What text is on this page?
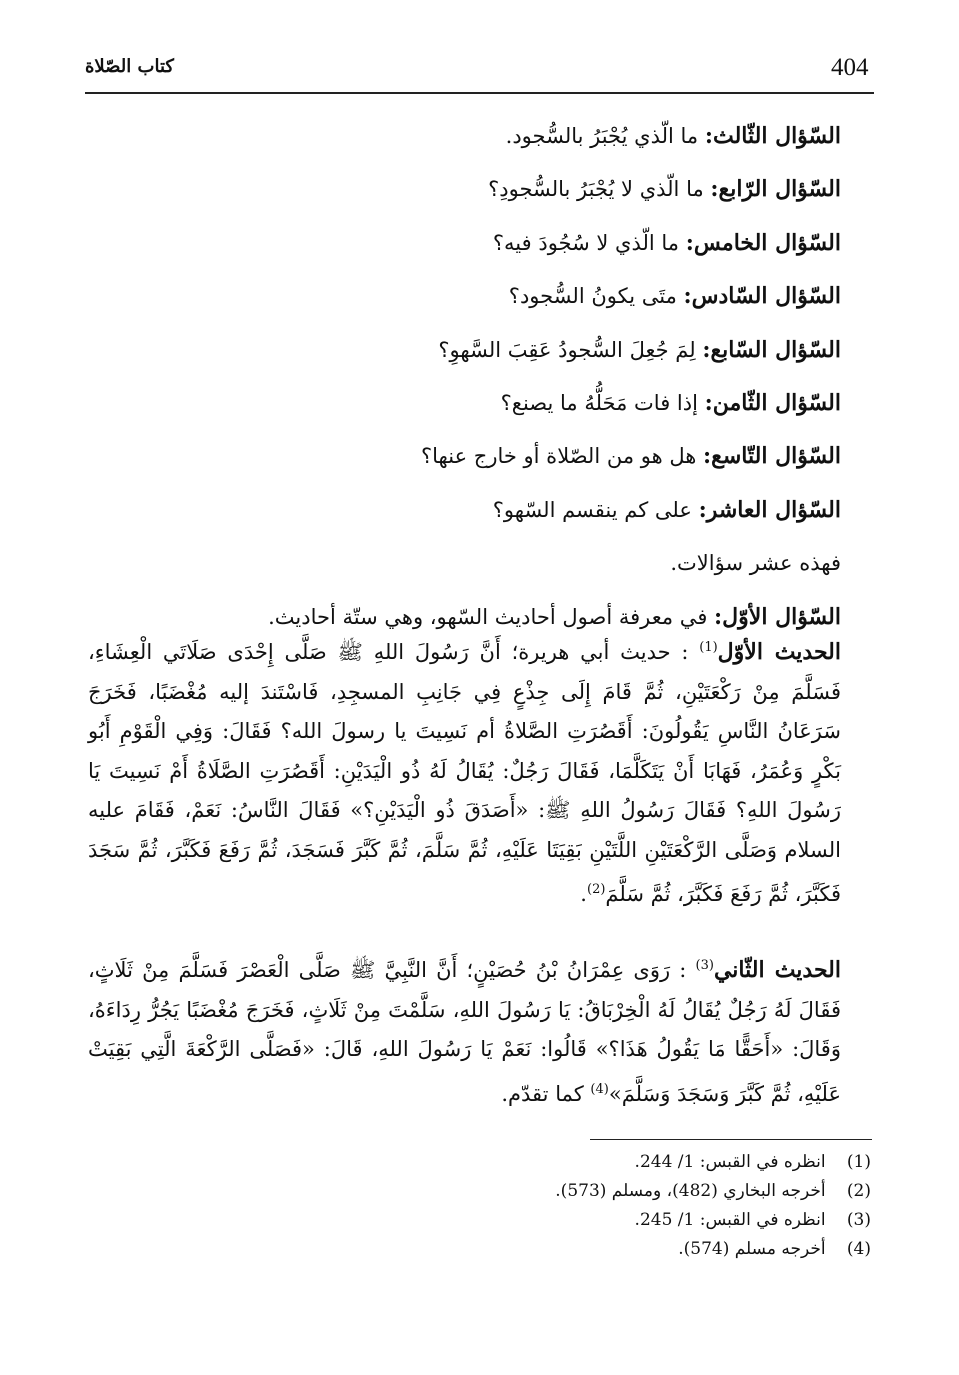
404
كتاب الصّلاة
السّؤال الثّالث: ما الّذي يُجْبَرُ بالسُّجود.
السّؤال الرّابع: ما الّذي لا يُجْبَرُ بالسُّجودِ؟
السّؤال الخامس: ما الّذي لا سُجُودَ فيه؟
السّؤال السّادس: متَى يكونُ السُّجود؟
السّؤال السّابع: لِمَ جُعِلَ السُّجودُ عَقِبَ السَّهوِ؟
السّؤال الثّامن: إذا فات مَحَلُّهُ ما يصنع؟
السّؤال التّاسع: هل هو من الصّلاة أو خارج عنها؟
السّؤال العاشر: على كم ينقسم السّهو؟
فهذه عشر سؤالات.
السّؤال الأوّل: في معرفة أصول أحاديث السّهو، وهي ستّة أحاديث.
الحديث الأوّل$^{(1)}$ : حديث أبي هريرة؛ أَنَّ رَسُولَ اللهِ ﷺ صَلَّى إِحْدَى صَلَاتَي الْعِشَاءِ، فَسَلَّمَ مِنْ رَكْعَتَيْنِ، ثُمَّ قَامَ إِلَى جِذْعٍ فِي جَانِبِ المسجِدِ، فَاسْتَندَ إليه مُغْضَبًا، فَخَرَجَ سَرَعَانُ النَّاسِ يَقُولُونَ: أَقَصُرَتِ الصَّلاةُ أم نَسِيتَ يا رسولَ الله؟ فَقَالَ: وَفِي الْقَوْمِ أَبُو بَكْرٍ وَعُمَرُ، فَهَابَا أَنْ يَتَكَلَّمَا، فَقَالَ رَجُلٌ: يُقَالُ لَهُ ذُو الْيَدَيْنِ: أَقَصُرَتِ الصَّلَاةُ أَمْ نَسِيتَ يَا رَسُولَ اللهِ؟ فَقَالَ رَسُولُ اللهِ ﷺ: «أَصَدَقَ ذُو الْيَدَيْنِ؟» فَقَالَ النَّاسُ: نَعَمْ، فَقَامَ عليه السلام وَصَلَّى الرَّكْعَتَيْنِ اللَّتَيْنِ بَقِيَتَا عَلَيْهِ، ثُمَّ سَلَّمَ، ثُمَّ كَبَّرَ فَسَجَدَ، ثُمَّ رَفَعَ فَكَبَّرَ، ثُمَّ سَجَدَ فَكَبَّرَ، ثُمَّ رَفَعَ فَكَبَّرَ، ثُمَّ سَلَّمَ$^{(2)}$.
الحديث الثّاني$^{(3)}$ : رَوَى عِمْرَانُ بْنُ حُصَيْنٍ؛ أَنَّ النَّبِيَّ ﷺ صَلَّى الْعَصْرَ فَسَلَّمَ مِنْ ثَلَاثٍ، فَقَالَ لَهُ رَجُلٌ يُقَالُ لَهُ الْخِرْبَاقُ: يَا رَسُولَ اللهِ، سَلَّمْتَ مِنْ ثَلَاثٍ، فَخَرَجَ مُغْضَبًا يَجُرُّ رِدَاءَهُ، وَقَالَ: «أَحَقًّا مَا يَقُولُ هَذَا؟» قَالُوا: نَعَمْ يَا رَسُولَ اللهِ، قَالَ: «فَصَلَّى الرَّكْعَةَ الَّتِي بَقِيَتْ عَلَيْهِ، ثُمَّ كَبَّرَ وَسَجَدَ وَسَلَّمَ»$^{(4)}$ كما تقدّم.
(1) انظره في القبس: 1/ 244.
(2) أخرجه البخاري (482)، ومسلم (573).
(3) انظره في القبس: 1/ 245.
(4) أخرجه مسلم (574).
